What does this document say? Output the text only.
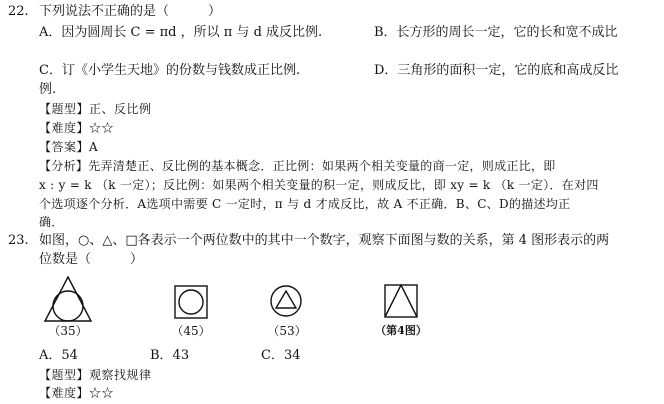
22. 下列说法不正确的是（　　　）
A．因为圆周长 C = πd ，所以 π 与 d 成反比例.	B．长方形的周长一定，它的长和宽不成比
C．订《小学生天地》的份数与钱数成正比例.	D．三角形的面积一定，它的底和高成反比
例.
【题型】正、反比例
【难度】☆☆
【答案】A
【分析】先弄清楚正、反比例的基本概念．正比例：如果两个相关变量的商一定，则成正比，即
x : y = k （k 一定）；反比例：如果两个相关变量的积一定，则成反比，即 xy = k （k 一定）．在对四
个选项逐个分析．A选项中需要 C 一定时，π 与 d 才成反比，故 A 不正确．B、C、D的描述均正
确．
23. 如图，○、△、□各表示一个两位数中的其中一个数字，观察下面图与数的关系，第 4 图形表示的两
位数是（　　　）
（35）	（45）	（53）	（第4图）
A．54	B．43	C．34
【题型】观察找规律
【难度】☆☆
